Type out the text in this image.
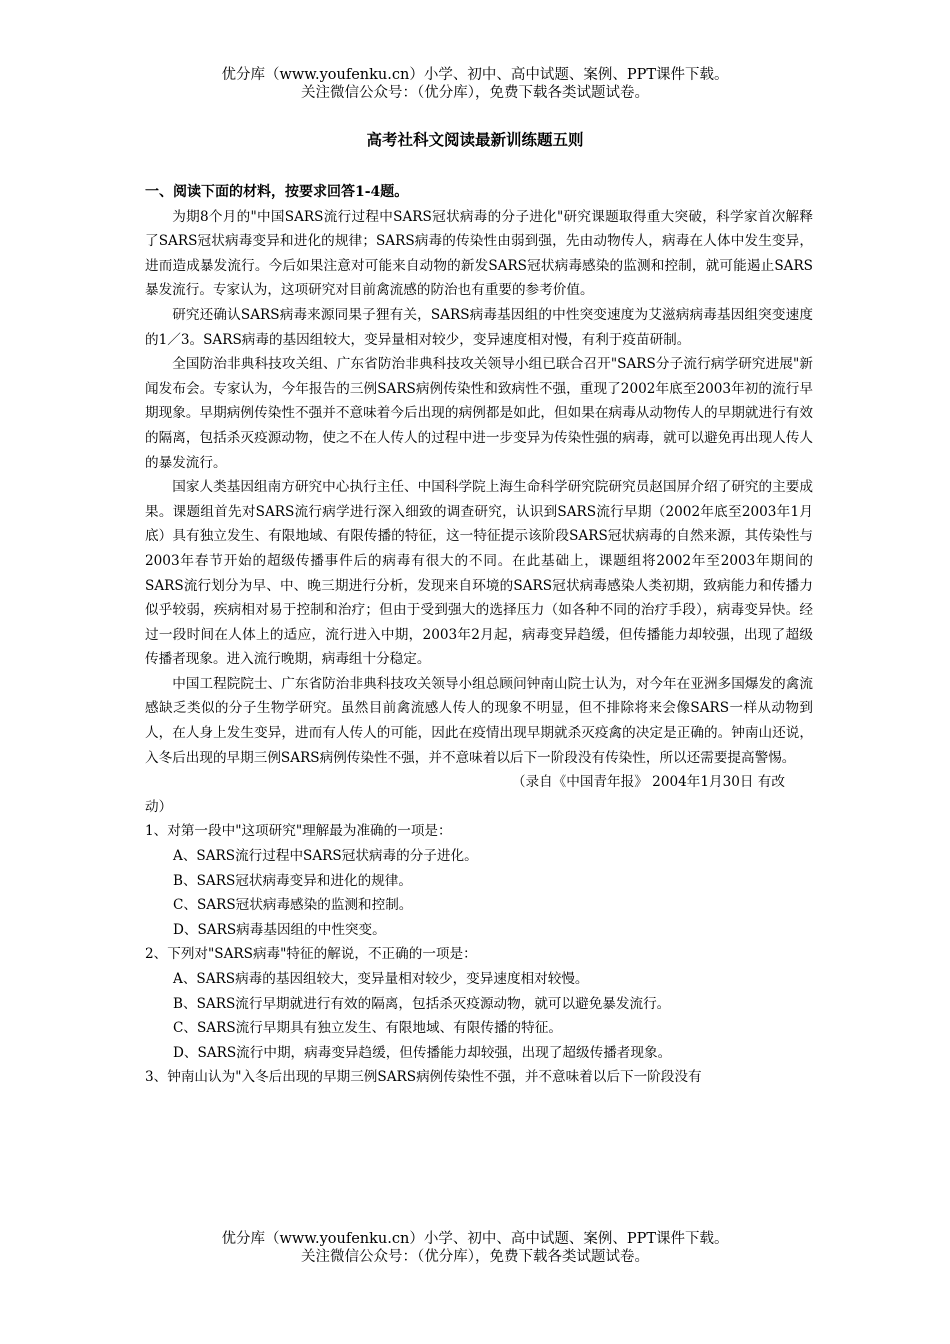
优分库（www.youfenku.cn）小学、初中、高中试题、案例、PPT课件下载。
关注微信公众号：（优分库），免费下载各类试题试卷。
高考社科文阅读最新训练题五则
一、阅读下面的材料，按要求回答1-4题。

为期8个月的"中国SARS流行过程中SARS冠状病毒的分子进化"研究课题取得重大突破，科学家首次解释了SARS冠状病毒变异和进化的规律；SARS病毒的传染性由弱到强，先由动物传人，病毒在人体中发生变异，进而造成暴发流行。今后如果注意对可能来自动物的新发SARS冠状病毒感染的监测和控制，就可能遏止SARS暴发流行。专家认为，这项研究对目前禽流感的防治也有重要的参考价值。

研究还确认SARS病毒来源同果子狸有关，SARS病毒基因组的中性突变速度为艾滋病病毒基因组突变速度的1／3。SARS病毒的基因组较大，变异量相对较少，变异速度相对慢，有利于疫苗研制。

全国防治非典科技攻关组、广东省防治非典科技攻关领导小组已联合召开"SARS分子流行病学研究进展"新闻发布会。专家认为，今年报告的三例SARS病例传染性和致病性不强，重现了2002年底至2003年初的流行早期现象。早期病例传染性不强并不意味着今后出现的病例都是如此，但如果在病毒从动物传人的早期就进行有效的隔离，包括杀灭疫源动物，使之不在人传人的过程中进一步变异为传染性强的病毒，就可以避免再出现人传人的暴发流行。

国家人类基因组南方研究中心执行主任、中国科学院上海生命科学研究院研究员赵国屏介绍了研究的主要成果。课题组首先对SARS流行病学进行深入细致的调查研究，认识到SARS流行早期（2002年底至2003年1月底）具有独立发生、有限地域、有限传播的特征，这一特征提示该阶段SARS冠状病毒的自然来源，其传染性与2003年春节开始的超级传播事件后的病毒有很大的不同。在此基础上，课题组将2002年至2003年期间的SARS流行划分为早、中、晚三期进行分析，发现来自环境的SARS冠状病毒感染人类初期，致病能力和传播力似乎较弱，疾病相对易于控制和治疗；但由于受到强大的选择压力（如各种不同的治疗手段），病毒变异快。经过一段时间在人体上的适应，流行进入中期，2003年2月起，病毒变异趋缓，但传播能力却较强，出现了超级传播者现象。进入流行晚期，病毒组十分稳定。

中国工程院院士、广东省防治非典科技攻关领导小组总顾问钟南山院士认为，对今年在亚洲多国爆发的禽流感缺乏类似的分子生物学研究。虽然目前禽流感人传人的现象不明显，但不排除将来会像SARS一样从动物到人，在人身上发生变异，进而有人传人的可能，因此在疫情出现早期就杀灭疫禽的决定是正确的。钟南山还说，入冬后出现的早期三例SARS病例传染性不强，并不意味着以后下一阶段没有传染性，所以还需要提高警惕。

（录自《中国青年报》 2004年1月30日 有改
动）
1、对第一段中"这项研究"理解最为准确的一项是：
A、SARS流行过程中SARS冠状病毒的分子进化。
B、SARS冠状病毒变异和进化的规律。
C、SARS冠状病毒感染的监测和控制。
D、SARS病毒基因组的中性突变。
2、下列对"SARS病毒"特征的解说，不正确的一项是：
A、SARS病毒的基因组较大，变异量相对较少，变异速度相对较慢。
B、SARS流行早期就进行有效的隔离，包括杀灭疫源动物，就可以避免暴发流行。
C、SARS流行早期具有独立发生、有限地域、有限传播的特征。
D、SARS流行中期，病毒变异趋缓，但传播能力却较强，出现了超级传播者现象。
3、钟南山认为"入冬后出现的早期三例SARS病例传染性不强，并不意味着以后下一阶段没有
优分库（www.youfenku.cn）小学、初中、高中试题、案例、PPT课件下载。
关注微信公众号：（优分库），免费下载各类试题试卷。
